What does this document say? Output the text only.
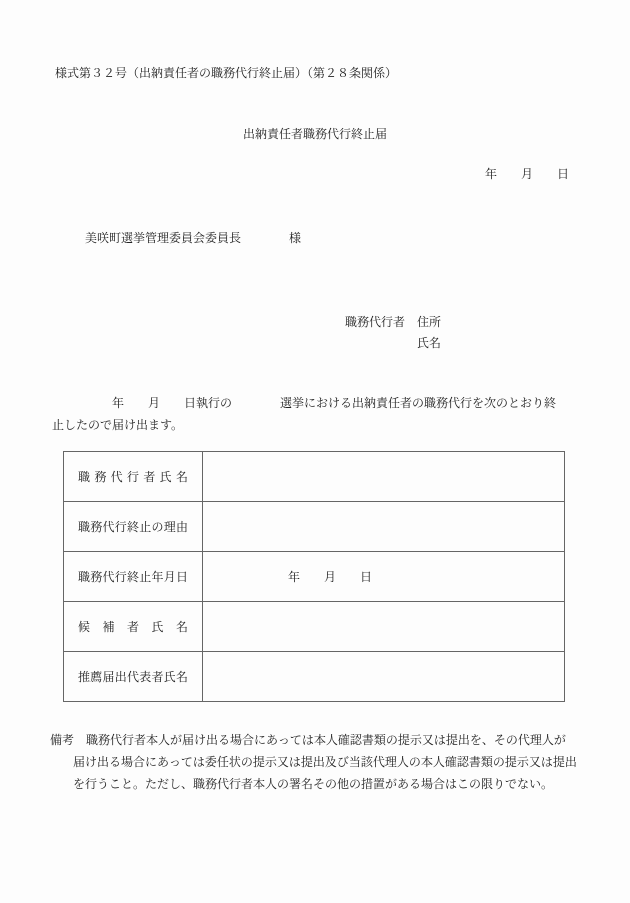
様式第３２号（出納責任者の職務代行終止届）（第２８条関係）
出納責任者職務代行終止届
年　　月　　日
美咲町選挙管理委員会委員長	様
職務代行者 住所
氏名
　　　　　年　　月　　日執行の　　　　選挙における出納責任者の職務代行を次のとおり終
止したので届け出ます。
職務代行者氏名	
職務代行終止の理由	
職務代行終止年月日	年　　月　　日
候補者氏名	
推薦届出代表者氏名	
備考 職務代行者本人が届け出る場合にあっては本人確認書類の提示又は提出を、その代理人が
届け出る場合にあっては委任状の提示又は提出及び当該代理人の本人確認書類の提示又は提出
を行うこと。ただし、職務代行者本人の署名その他の措置がある場合はこの限りでない。
